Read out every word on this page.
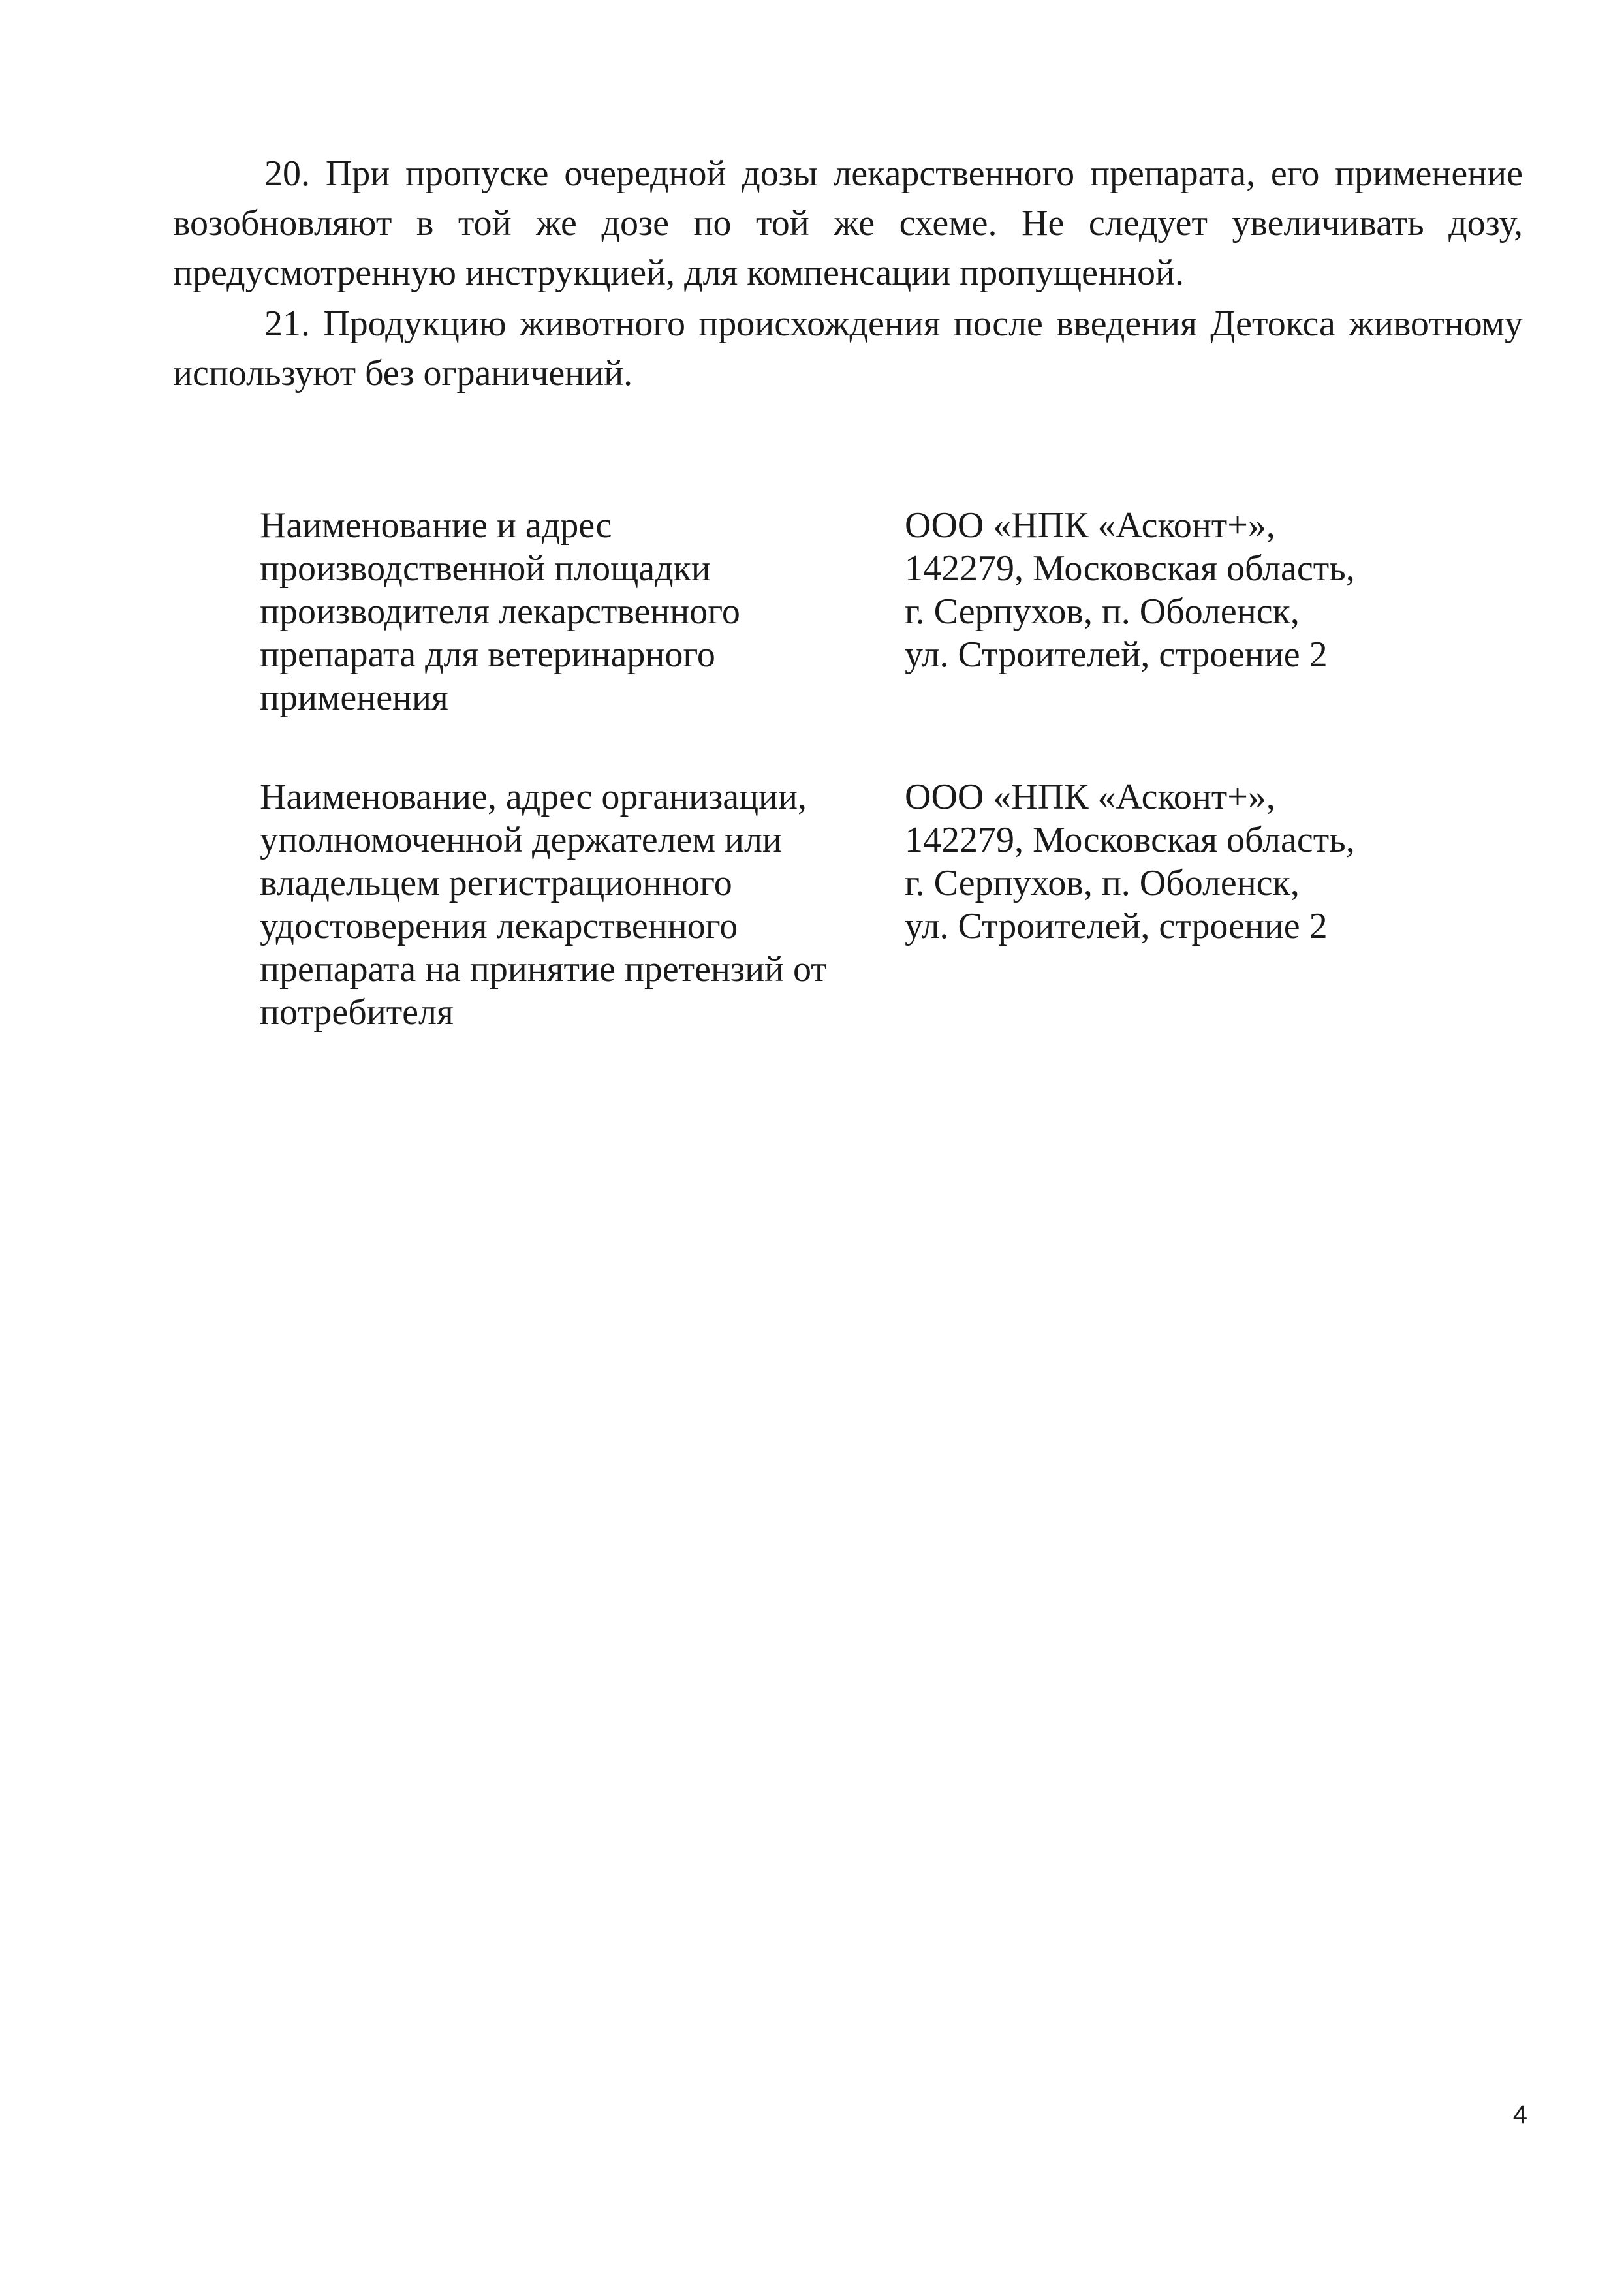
20. При пропуске очередной дозы лекарственного препарата, его применение возобновляют в той же дозе по той же схеме. Не следует увеличивать дозу, предусмотренную инструкцией, для компенсации пропущенной.

21. Продукцию животного происхождения после введения Детокса животному используют без ограничений.

Наименование и адрес
производственной площадки
производителя лекарственного
препарата для ветеринарного
применения
ООО «НПК «Асконт+»,
142279, Московская область,
г. Серпухов, п. Оболенск,
ул. Строителей, строение 2
Наименование, адрес организации,
уполномоченной держателем или
владельцем регистрационного
удостоверения лекарственного
препарата на принятие претензий от
потребителя
ООО «НПК «Асконт+»,
142279, Московская область,
г. Серпухов, п. Оболенск,
ул. Строителей, строение 2
4
